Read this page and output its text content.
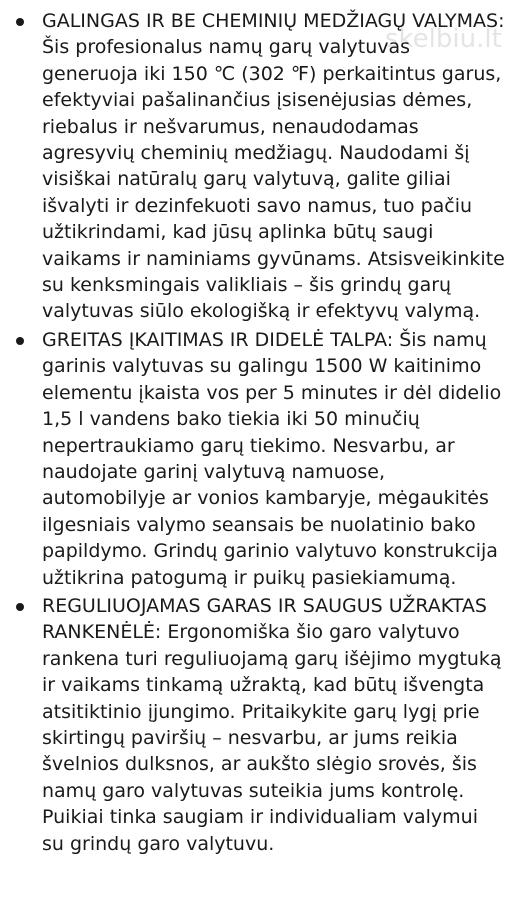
skelbiu.lt
GALINGAS IR BE CHEMINIŲ MEDŽIAGŲ VALYMAS: Šis profesionalus namų garų valytuvas generuoja iki 150 ℃ (302 ℉) perkaitintus garus, efektyviai pašalinančius įsisenėjusias dėmes, riebalus ir nešvarumus, nenaudodamas agresyvių cheminių medžiagų. Naudodami šį visiškai natūralų garų valytuvą, galite giliai išvalyti ir dezinfekuoti savo namus, tuo pačiu užtikrindami, kad jūsų aplinka būtų saugi vaikams ir naminiams gyvūnams. Atsisveikinkite su kenksmingais valikliais – šis grindų garų valytuvas siūlo ekologišką ir efektyvų valymą.
GREITAS ĮKAITIMAS IR DIDELĖ TALPA: Šis namų garinis valytuvas su galingu 1500 W kaitinimo elementu įkaista vos per 5 minutes ir dėl didelio 1,5 l vandens bako tiekia iki 50 minučių nepertraukiamo garų tiekimo. Nesvarbu, ar naudojate garinį valytuvą namuose, automobilyje ar vonios kambaryje, mėgaukitės ilgesniais valymo seansais be nuolatinio bako papildymo. Grindų garinio valytuvo konstrukcija užtikrina patogumą ir puikų pasiekiamumą.
REGULIUOJAMAS GARAS IR SAUGUS UŽRAKTAS RANKENĖLĖ: Ergonomiška šio garo valytuvo rankena turi reguliuojamą garų išėjimo mygtuką ir vaikams tinkamą užraktą, kad būtų išvengta atsitiktinio įjungimo. Pritaikykite garų lygį prie skirtingų paviršių – nesvarbu, ar jums reikia švelnios dulksnos, ar aukšto slėgio srovės, šis namų garo valytuvas suteikia jums kontrolę. Puikiai tinka saugiam ir individualiam valymui su grindų garo valytuvu.
